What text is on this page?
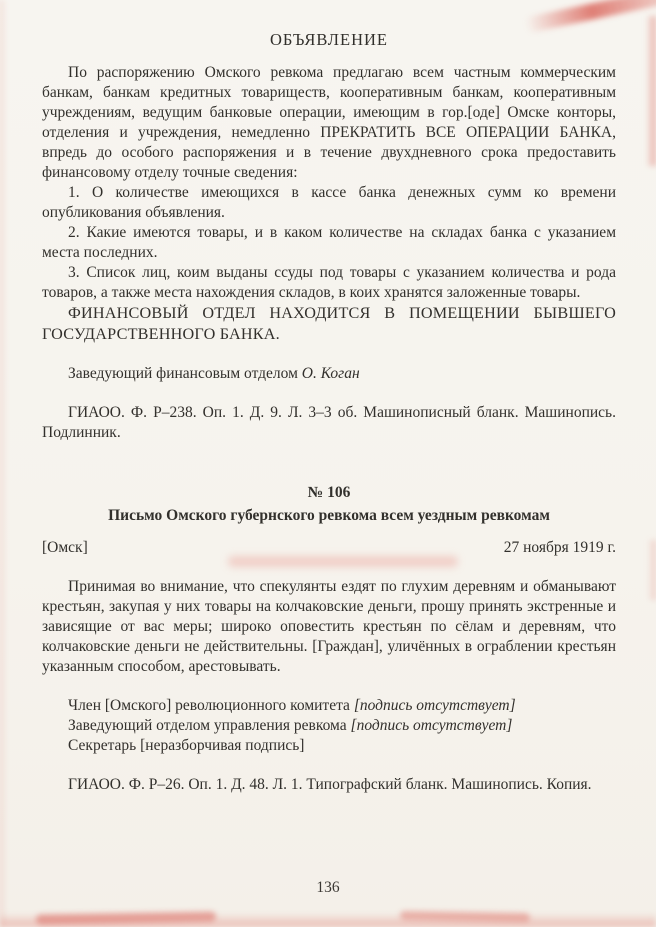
ОБЪЯВЛЕНИЕ

По распоряжению Омского ревкома предлагаю всем частным коммерческим банкам, банкам кредитных товариществ, кооперативным банкам, кооперативным учреждениям, ведущим банковые операции, имеющим в гор.[оде] Омске конторы, отделения и учреждения, немедленно ПРЕКРАТИТЬ ВСЕ ОПЕРАЦИИ БАНКА, впредь до особого распоряжения и в течение двухдневного срока предоставить финансовому отделу точные сведения:

1. О количестве имеющихся в кассе банка денежных сумм ко времени опубликования объявления.

2. Какие имеются товары, и в каком количестве на складах банка с указанием места последних.

3. Список лиц, коим выданы ссуды под товары с указанием количества и рода товаров, а также места нахождения складов, в коих хранятся заложенные товары.

ФИНАНСОВЫЙ ОТДЕЛ НАХОДИТСЯ В ПОМЕЩЕНИИ БЫВШЕГО ГОСУДАРСТВЕННОГО БАНКА.

Заведующий финансовым отделом О. Коган

ГИАОО. Ф. Р–238. Оп. 1. Д. 9. Л. 3–3 об. Машинописный бланк. Машинопись. Подлинник.

№ 106
Письмо Омского губернского ревкома всем уездным ревкомам
[Омск]	27 ноября 1919 г.

Принимая во внимание, что спекулянты ездят по глухим деревням и обманывают крестьян, закупая у них товары на колчаковские деньги, прошу принять экстренные и зависящие от вас меры; широко оповестить крестьян по сёлам и деревням, что колчаковские деньги не действительны. [Граждан], уличённых в ограблении крестьян указанным способом, арестовывать.

Член [Омского] революционного комитета [подпись отсутствует]

Заведующий отделом управления ревкома [подпись отсутствует]

Секретарь [неразборчивая подпись]

ГИАОО. Ф. Р–26. Оп. 1. Д. 48. Л. 1. Типографский бланк. Машинопись. Копия.

136
